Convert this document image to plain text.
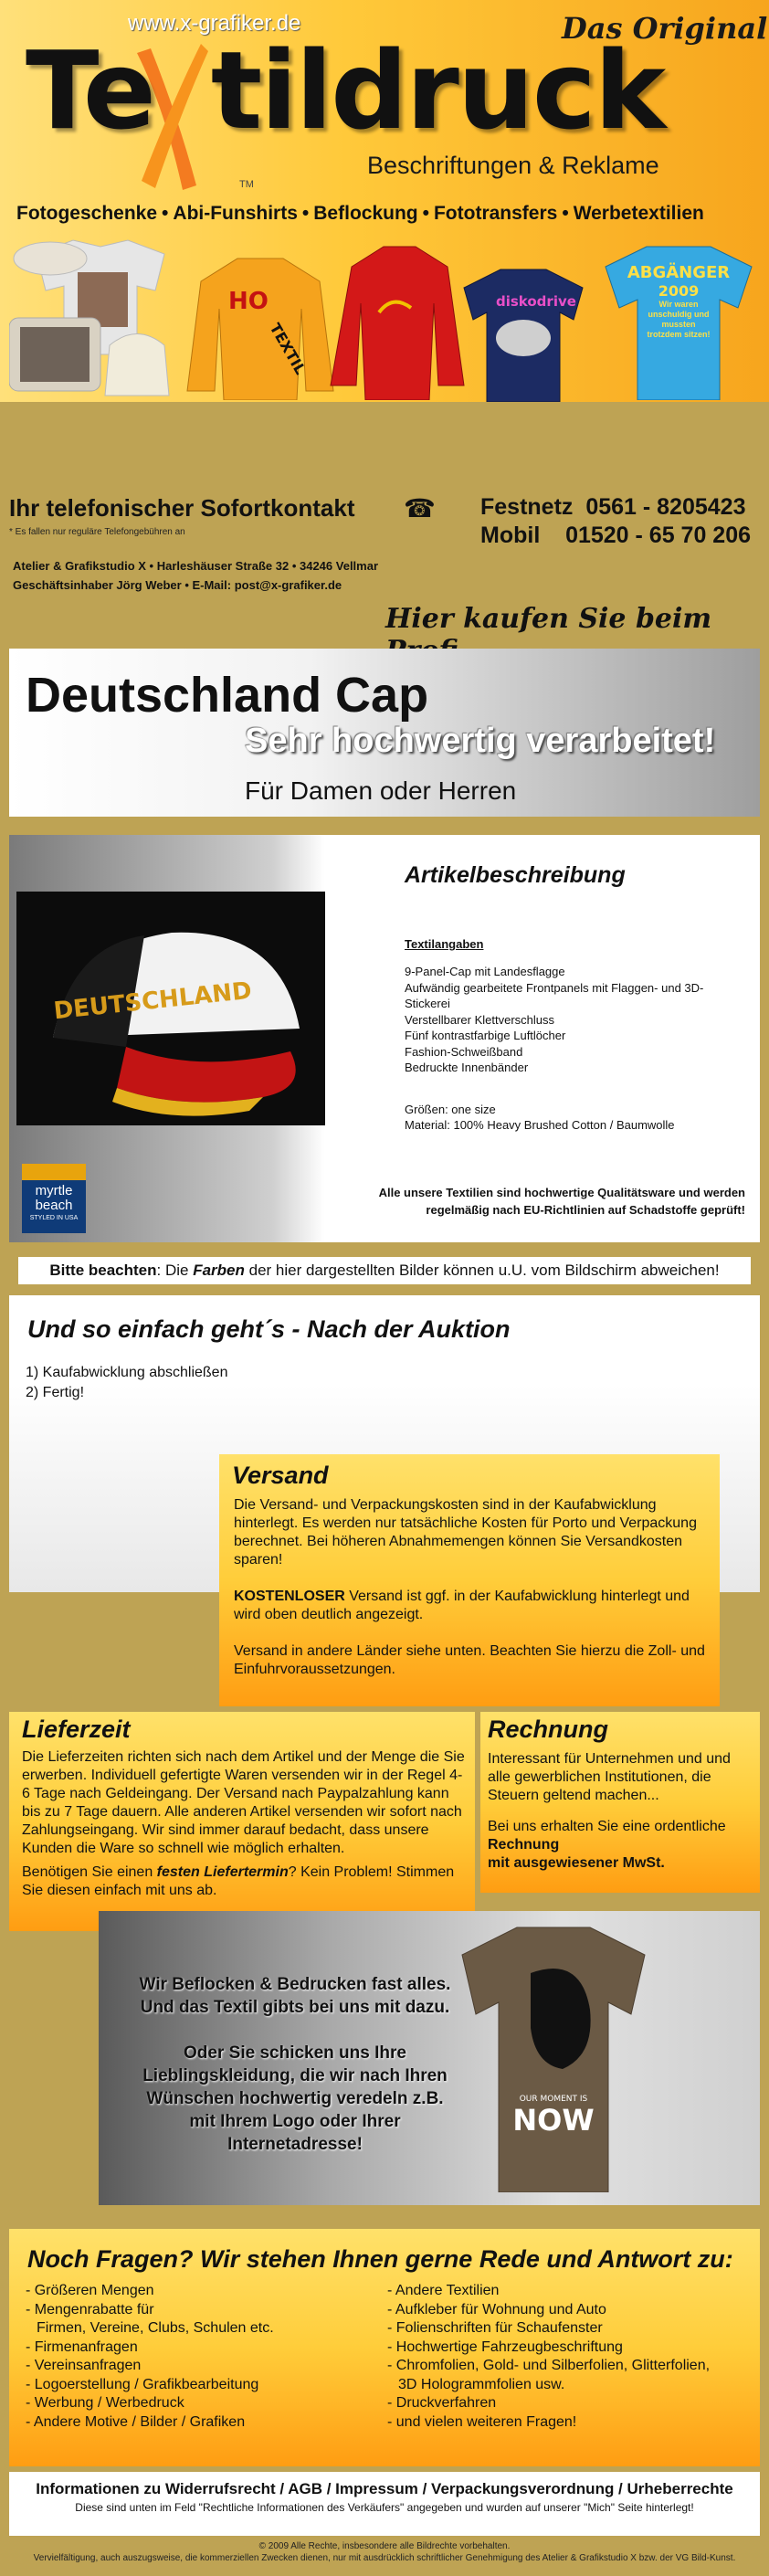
www.x-grafiker.de	Das Original
Te tildruck
TM
Beschriftungen & Reklame
Fotogeschenke • Abi-Funshirts • Beflockung • Fototransfers • Werbetextilien
HO
TEXTIL
diskodrive
ABGÄNGER
2009
Wir waren unschuldig und mussten trotzdem sitzen!
Ihr telefonischer Sofortkontakt ☎
* Es fallen nur reguläre Telefongebühren an
Festnetz 0561 - 8205423
Mobil 01520 - 65 70 206
Atelier & Grafikstudio X • Harleshäuser Straße 32 • 34246 Vellmar
Geschäftsinhaber Jörg Weber • E-Mail: post@x-grafiker.de
Hier kaufen Sie beim
Deutschland Cap
Sehr hochwertig verarbeitet!
Für Damen oder Herren
DEUTSCHLAND
myrtle
beach
STYLED IN USA
Artikelbeschreibung
Textilangaben
9-Panel-Cap mit Landesflagge
Aufwändig gearbeitete Frontpanels mit Flaggen- und 3D-Stickerei
Verstellbarer Klettverschluss
Fünf kontrastfarbige Luftlöcher
Fashion-Schweißband
Bedruckte Innenbänder
Größen: one size
Material: 100% Heavy Brushed Cotton / Baumwolle
Alle unsere Textilien sind hochwertige Qualitätsware und werden regelmäßig nach EU-Richtlinien auf Schadstoffe geprüft!
Bitte beachten: Die Farben der hier dargestellten Bilder können u.U. vom Bildschirm abweichen!
Und so einfach geht´s - Nach der Auktion
1) Kaufabwicklung abschließen
2) Fertig!
Versand
Die Versand- und Verpackungskosten sind in der Kaufabwicklung hinterlegt. Es werden nur tatsächliche Kosten für Porto und Verpackung berechnet. Bei höheren Abnahmemengen können Sie Versandkosten sparen!
KOSTENLOSER Versand ist ggf. in der Kaufabwicklung hinterlegt und wird oben deutlich angezeigt.
Versand in andere Länder siehe unten. Beachten Sie hierzu die Zoll- und Einfuhrvoraussetzungen.
Lieferzeit
Die Lieferzeiten richten sich nach dem Artikel und der Menge die Sie erwerben. Individuell gefertigte Waren versenden wir in der Regel 4-6 Tage nach Geldeingang. Der Versand nach Paypalzahlung kann bis zu 7 Tage dauern. Alle anderen Artikel versenden wir sofort nach Zahlungseingang. Wir sind immer darauf bedacht, dass unsere Kunden die Ware so schnell wie möglich erhalten.
Benötigen Sie einen festen Liefertermin? Kein Problem! Stimmen Sie diesen einfach mit uns ab.
Rechnung
Interessant für Unternehmen und und alle gewerblichen Institutionen, die Steuern geltend machen...
Bei uns erhalten Sie eine ordentliche
Rechnung
mit ausgewiesener MwSt.
Wir Beflocken & Bedrucken fast alles. Und das Textil gibts bei uns mit dazu.
Oder Sie schicken uns Ihre Lieblingskleidung, die wir nach Ihren Wünschen hochwertig veredeln z.B. mit Ihrem Logo oder Ihrer Internetadresse!
OUR MOMENT IS
NOW
Noch Fragen? Wir stehen Ihnen gerne Rede und Antwort zu:
- Größeren Mengen
- Mengenrabatte für
Firmen, Vereine, Clubs, Schulen etc.
- Firmenanfragen
- Vereinsanfragen
- Logoerstellung / Grafikbearbeitung
- Werbung / Werbedruck
- Andere Motive / Bilder / Grafiken
- Andere Textilien
- Aufkleber für Wohnung und Auto
- Folienschriften für Schaufenster
- Hochwertige Fahrzeugbeschriftung
- Chromfolien, Gold- und Silberfolien, Glitterfolien,
3D Hologrammfolien usw.
- Druckverfahren
- und vielen weiteren Fragen!
Informationen zu Widerrufsrecht / AGB / Impressum / Verpackungsverordnung / Urheberrechte
Diese sind unten im Feld "Rechtliche Informationen des Verkäufers" angegeben und wurden auf unserer "Mich" Seite hinterlegt!
© 2009 Alle Rechte, insbesondere alle Bildrechte vorbehalten.
Vervielfältigung, auch auszugsweise, die kommerziellen Zwecken dienen, nur mit ausdrücklich schriftlicher Genehmigung des Atelier & Grafikstudio X bzw. der VG Bild-Kunst.
